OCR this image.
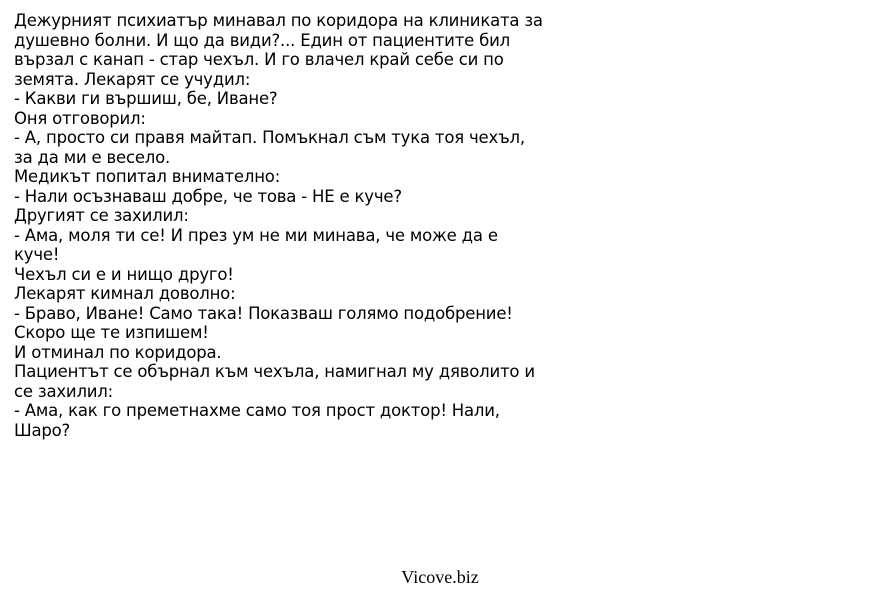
Дежурният психиатър минавал по коридора на клиниката за
душевно болни. И що да види?... Един от пациентите бил
вързал с канап - стар чехъл. И го влачел край себе си по
земята. Лекарят се учудил:
- Какви ги вършиш, бе, Иване?
Оня отговорил:
- А, просто си правя майтап. Помъкнал съм тука тоя чехъл,
за да ми е весело.
Медикът попитал внимателно:
- Нали осъзнаваш добре, че това - НЕ е куче?
Другият се захилил:
- Ама, моля ти се! И през ум не ми минава, че може да е
куче!
Чехъл си е и нищо друго!
Лекарят кимнал доволно:
- Браво, Иване! Само така! Показваш голямо подобрение!
Скоро ще те изпишем!
И отминал по коридора.
Пациентът се обърнал към чехъла, намигнал му дяволито и
се захилил:
- Ама, как го преметнахме само тоя прост доктор! Нали,
Шаро?
Vicove.biz
